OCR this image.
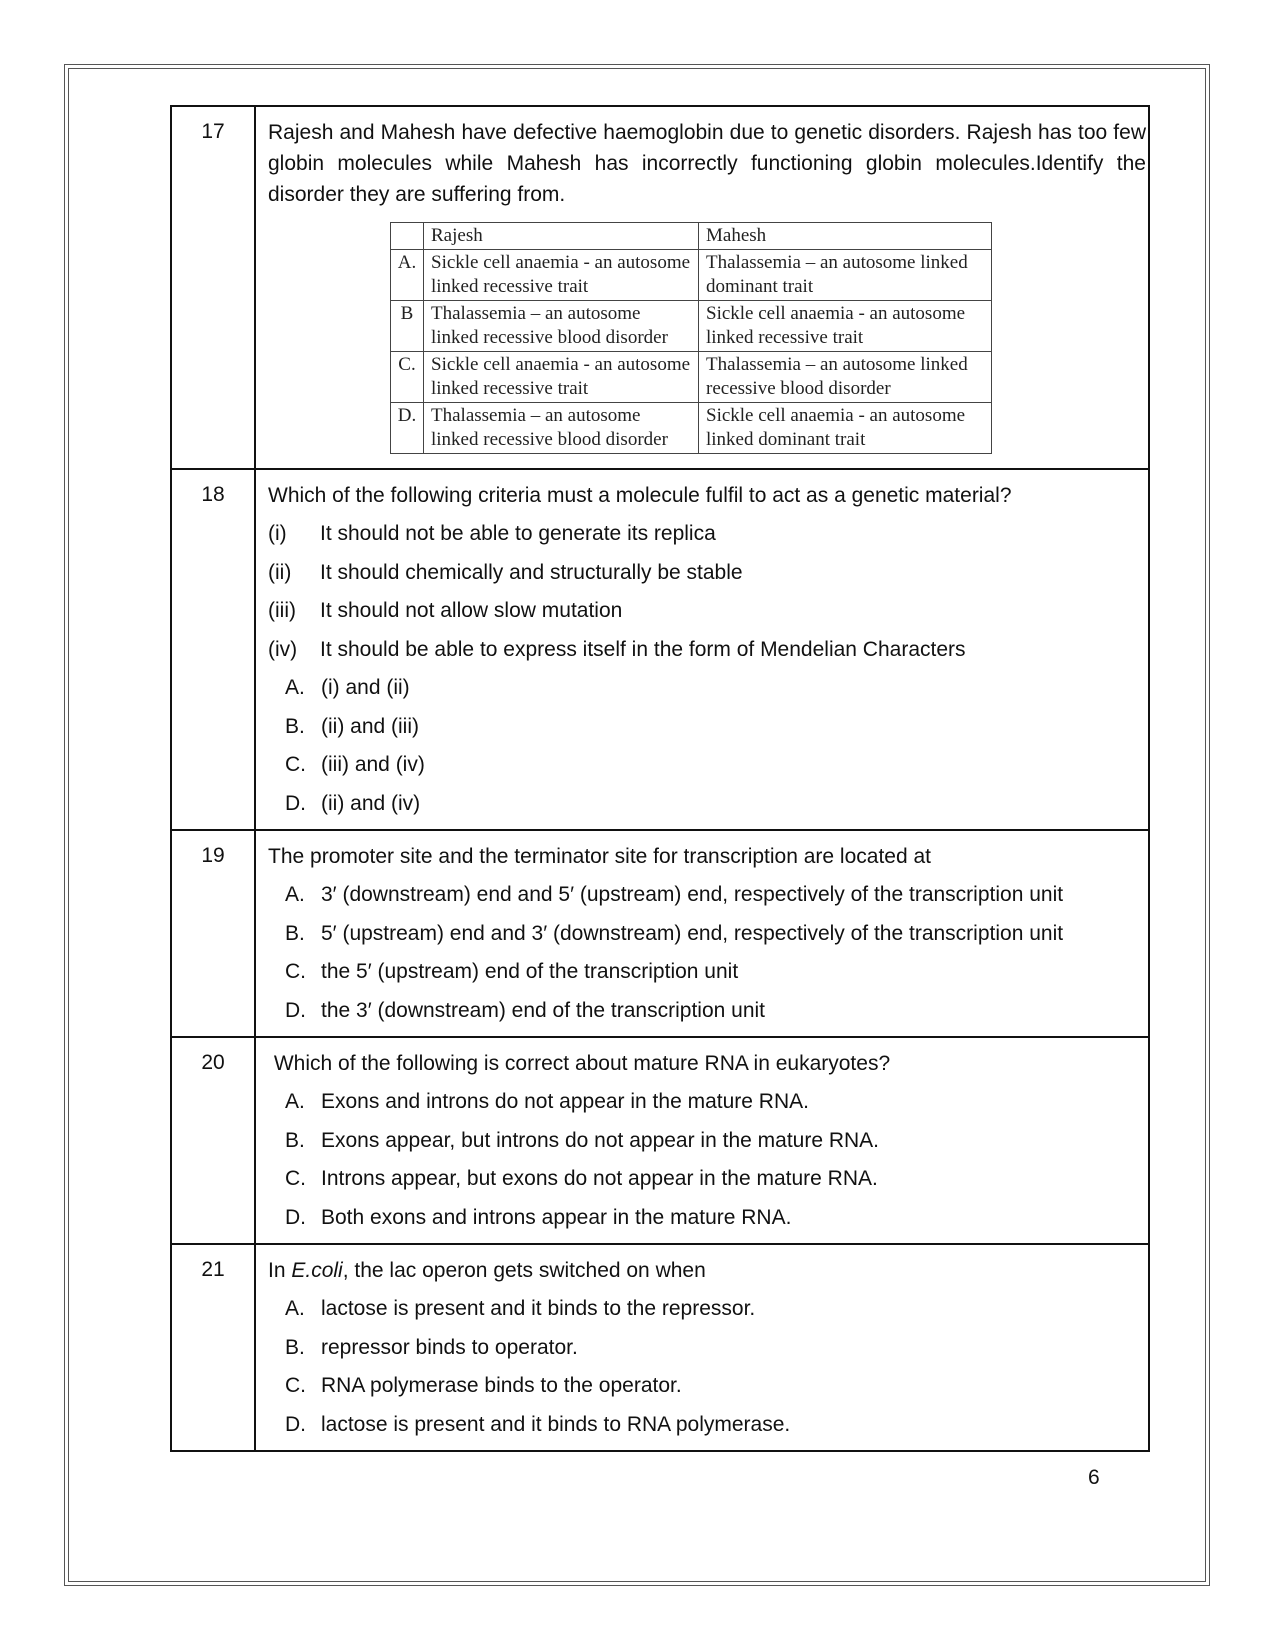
17	Rajesh and Mahesh have defective haemoglobin due to genetic disorders. Rajesh has too few globin molecules while Mahesh has incorrectly functioning globin molecules.Identify the disorder they are suffering from.
	Rajesh	Mahesh
A.	Sickle cell anaemia - an autosome linked recessive trait	Thalassemia – an autosome linked dominant trait
B	Thalassemia – an autosome linked recessive blood disorder	Sickle cell anaemia - an autosome linked recessive trait
C.	Sickle cell anaemia - an autosome linked recessive trait	Thalassemia – an autosome linked recessive blood disorder
D.	Thalassemia – an autosome linked recessive blood disorder	Sickle cell anaemia - an autosome linked dominant trait

18	Which of the following criteria must a molecule fulfil to act as a genetic material?
(i)	It should not be able to generate its replica
(ii)	It should chemically and structurally be stable
(iii)	It should not allow slow mutation
(iv)	It should be able to express itself in the form of Mendelian Characters
A. (i) and (ii)
B. (ii) and (iii)
C. (iii) and (iv)
D. (ii) and (iv)

19	The promoter site and the terminator site for transcription are located at
A. 3′ (downstream) end and 5′ (upstream) end, respectively of the transcription unit
B. 5′ (upstream) end and 3′ (downstream) end, respectively of the transcription unit
C. the 5′ (upstream) end of the transcription unit
D. the 3′ (downstream) end of the transcription unit

20	Which of the following is correct about mature RNA in eukaryotes?
A. Exons and introns do not appear in the mature RNA.
B. Exons appear, but introns do not appear in the mature RNA.
C. Introns appear, but exons do not appear in the mature RNA.
D. Both exons and introns appear in the mature RNA.

21	In E.coli, the lac operon gets switched on when
A. lactose is present and it binds to the repressor.
B. repressor binds to operator.
C. RNA polymerase binds to the operator.
D. lactose is present and it binds to RNA polymerase.
6
